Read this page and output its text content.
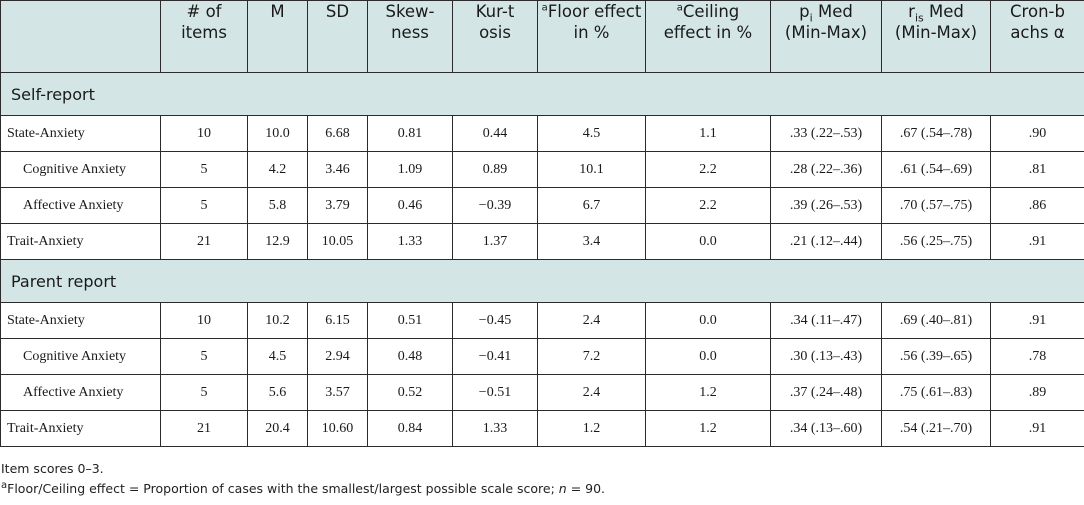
	# of items	M	SD	Skew-ness	Kur-tosis	$^a$Floor effect in %	$^a$Ceiling effect in %	$p_i$ Med (Min-Max)	$r_{is}$ Med (Min-Max)	Cron-bachs α

Self-report										
State-Anxiety	10	10.0	6.68	0.81	0.44	4.5	1.1	.33 (.22–.53)	.67 (.54–.78)	.90
Cognitive Anxiety	5	4.2	3.46	1.09	0.89	10.1	2.2	.28 (.22–.36)	.61 (.54–.69)	.81
Affective Anxiety	5	5.8	3.79	0.46	−0.39	6.7	2.2	.39 (.26–.53)	.70 (.57–.75)	.86
Trait-Anxiety	21	12.9	10.05	1.33	1.37	3.4	0.0	.21 (.12–.44)	.56 (.25–.75)	.91
Parent report										
State-Anxiety	10	10.2	6.15	0.51	−0.45	2.4	0.0	.34 (.11–.47)	.69 (.40–.81)	.91
Cognitive Anxiety	5	4.5	2.94	0.48	−0.41	7.2	0.0	.30 (.13–.43)	.56 (.39–.65)	.78
Affective Anxiety	5	5.6	3.57	0.52	−0.51	2.4	1.2	.37 (.24–.48)	.75 (.61–.83)	.89
Trait-Anxiety	21	20.4	10.60	0.84	1.33	1.2	1.2	.34 (.13–.60)	.54 (.21–.70)	.91
Item scores 0–3.
$^a$Floor/Ceiling effect = Proportion of cases with the smallest/largest possible scale score; n = 90.
